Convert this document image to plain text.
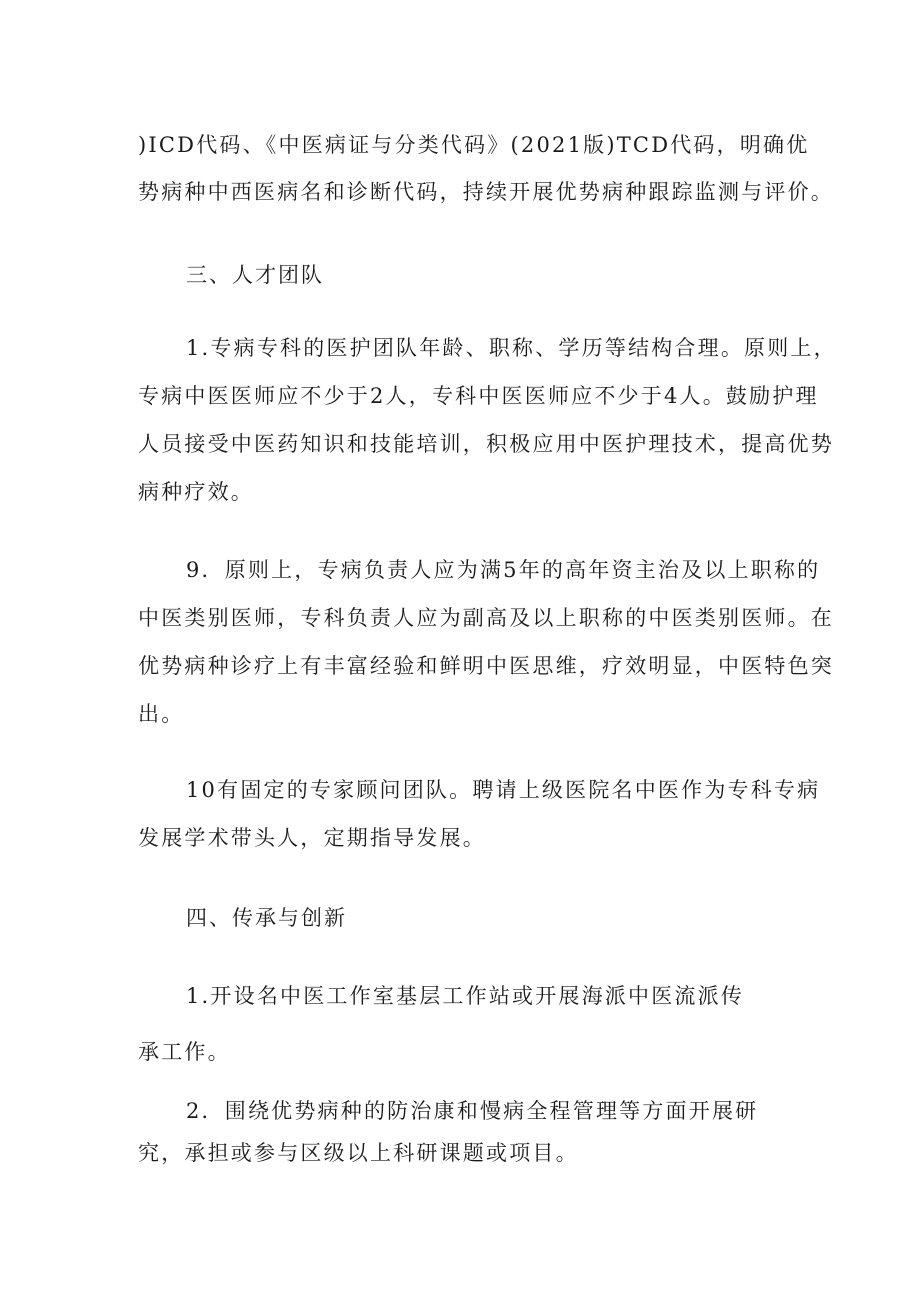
)ICD代码、《中医病证与分类代码》(2021版)TCD代码，明确优
势病种中西医病名和诊断代码，持续开展优势病种跟踪监测与评价。
三、人才团队
1.专病专科的医护团队年龄、职称、学历等结构合理。原则上，
专病中医医师应不少于2人，专科中医医师应不少于4人。鼓励护理
人员接受中医药知识和技能培训，积极应用中医护理技术，提高优势
病种疗效。
9．原则上，专病负责人应为满5年的高年资主治及以上职称的
中医类别医师，专科负责人应为副高及以上职称的中医类别医师。在
优势病种诊疗上有丰富经验和鲜明中医思维，疗效明显，中医特色突
出。
10有固定的专家顾问团队。聘请上级医院名中医作为专科专病
发展学术带头人，定期指导发展。
四、传承与创新
1.开设名中医工作室基层工作站或开展海派中医流派传
承工作。
2．围绕优势病种的防治康和慢病全程管理等方面开展研
究，承担或参与区级以上科研课题或项目。
